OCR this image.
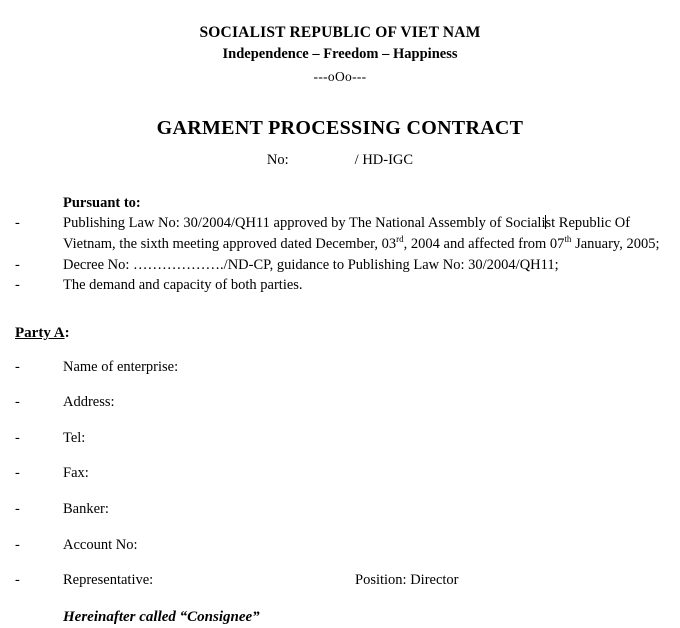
SOCIALIST REPUBLIC OF VIET NAM
Independence – Freedom – Happiness
---oOo---
GARMENT PROCESSING CONTRACT
No:	/ HD-IGC
Pursuant to:
-	Publishing Law No: 30/2004/QH11 approved by The National Assembly of Socialist Republic Of Vietnam, the sixth meeting approved dated December, 03rd, 2004 and affected from 07th January, 2005;
-	Decree No: ………………./ND-CP, guidance to Publishing Law No: 30/2004/QH11;
-	The demand and capacity of both parties.
Party A:
-	Name of enterprise:
-	Address:
-	Tel:
-	Fax:
-	Banker:
-	Account No:
-	Representative:	Position: Director
Hereinafter called “Consignee”
